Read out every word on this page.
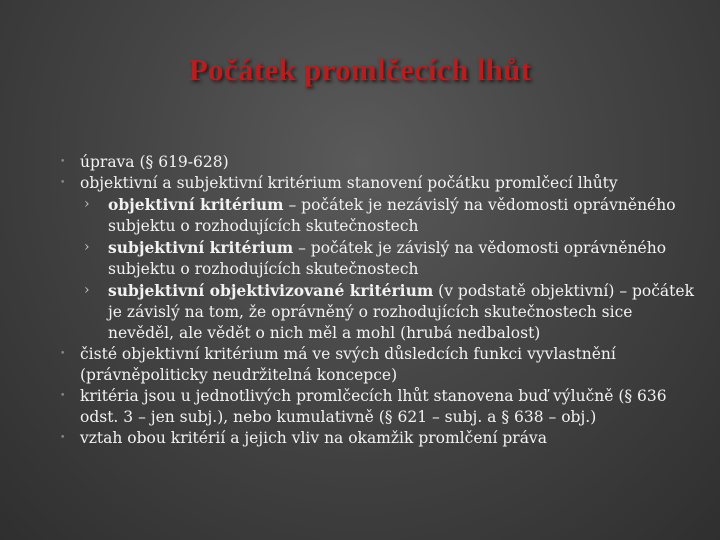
Počátek promlčecích lhůt

• úprava (§ 619-628)

• objektivní a subjektivní kritérium stanovení počátku promlčecí lhůty

› objektivní kritérium – počátek je nezávislý na vědomosti oprávněného subjektu o rozhodujících skutečnostech

› subjektivní kritérium – počátek je závislý na vědomosti oprávněného subjektu o rozhodujících skutečnostech

› subjektivní objektivizované kritérium (v podstatě objektivní) – počátek je závislý na tom, že oprávněný o rozhodujících skutečnostech sice nevěděl, ale vědět o nich měl a mohl (hrubá nedbalost)

• čisté objektivní kritérium má ve svých důsledcích funkci vyvlastnění (právněpoliticky neudržitelná koncepce)

• kritéria jsou u jednotlivých promlčecích lhůt stanovena buď výlučně (§ 636 odst. 3 – jen subj.), nebo kumulativně (§ 621 – subj. a § 638 – obj.)

• vztah obou kritérií a jejich vliv na okamžik promlčení práva
